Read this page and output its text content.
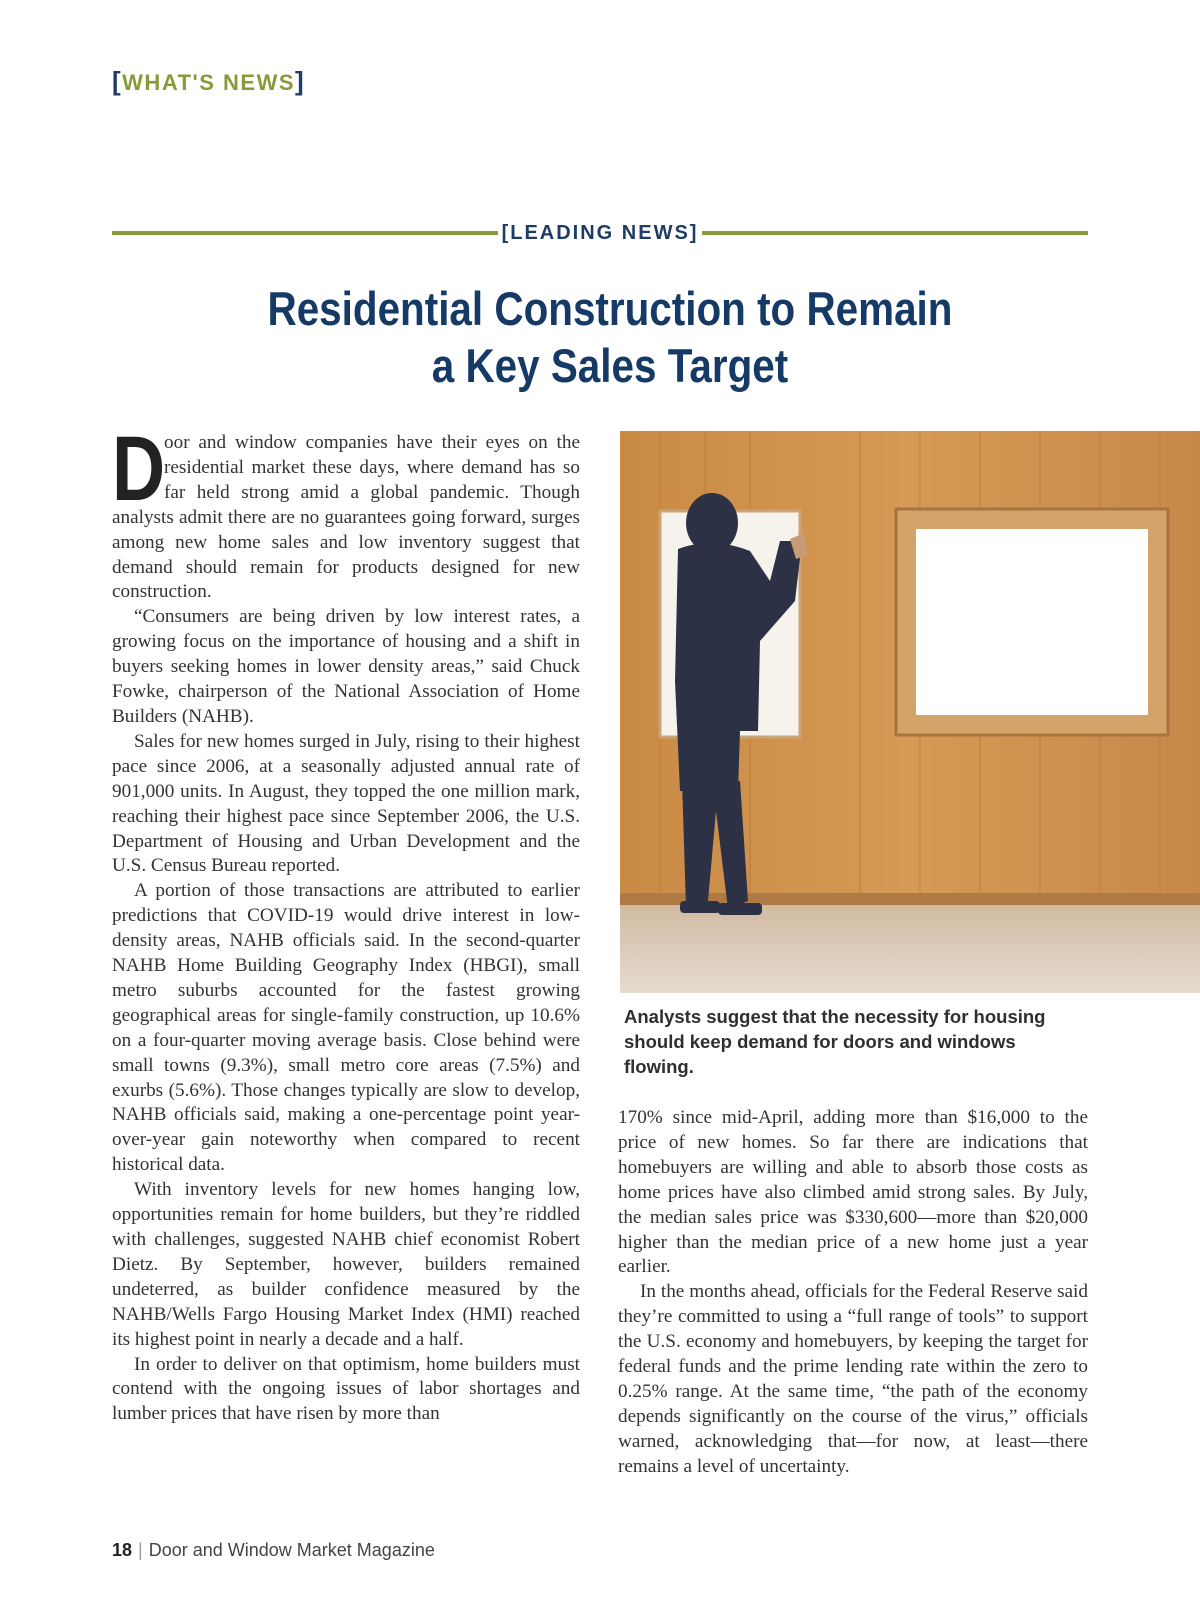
[WHAT'S NEWS]
[LEADING NEWS]
Residential Construction to Remain
a Key Sales Target

D
oor and window companies have their eyes on the residential market these days, where demand has so far held strong amid a global pandemic. Though analysts admit there are no guarantees going forward, surges among new home sales and low inventory suggest that demand should remain for products designed for new construction.

“Consumers are being driven by low interest rates, a growing focus on the importance of housing and a shift in buyers seeking homes in lower density areas,” said Chuck Fowke, chairperson of the National Association of Home Builders (NAHB).

Sales for new homes surged in July, rising to their highest pace since 2006, at a seasonally adjusted annual rate of 901,000 units. In August, they topped the one million mark, reaching their highest pace since September 2006, the U.S. Department of Housing and Urban Development and the U.S. Census Bureau reported.

A portion of those transactions are attributed to earlier predictions that COVID-19 would drive interest in low-density areas, NAHB officials said. In the second-quarter NAHB Home Building Geography Index (HBGI), small metro suburbs accounted for the fastest growing geographical areas for single-family construction, up 10.6% on a four-quarter moving average basis. Close behind were small towns (9.3%), small metro core areas (7.5%) and exurbs (5.6%). Those changes typically are slow to develop, NAHB officials said, making a one-percentage point year-over-year gain noteworthy when compared to recent historical data.

With inventory levels for new homes hanging low, opportunities remain for home builders, but they’re riddled with challenges, suggested NAHB chief economist Robert Dietz. By September, however, builders remained undeterred, as builder confidence measured by the NAHB/Wells Fargo Housing Market Index (HMI) reached its highest point in nearly a decade and a half.

In order to deliver on that optimism, home builders must contend with the ongoing issues of labor shortages and lumber prices that have risen by more than

Analysts suggest that the necessity for housing should keep demand for doors and windows flowing.

170% since mid-April, adding more than $16,000 to the price of new homes. So far there are indications that homebuyers are willing and able to absorb those costs as home prices have also climbed amid strong sales. By July, the median sales price was $330,600—more than $20,000 higher than the median price of a new home just a year earlier.

In the months ahead, officials for the Federal Reserve said they’re committed to using a “full range of tools” to support the U.S. economy and homebuyers, by keeping the target for federal funds and the prime lending rate within the zero to 0.25% range. At the same time, “the path of the economy depends significantly on the course of the virus,” officials warned, acknowledging that—for now, at least—there remains a level of uncertainty.

18 | Door and Window Market Magazine
